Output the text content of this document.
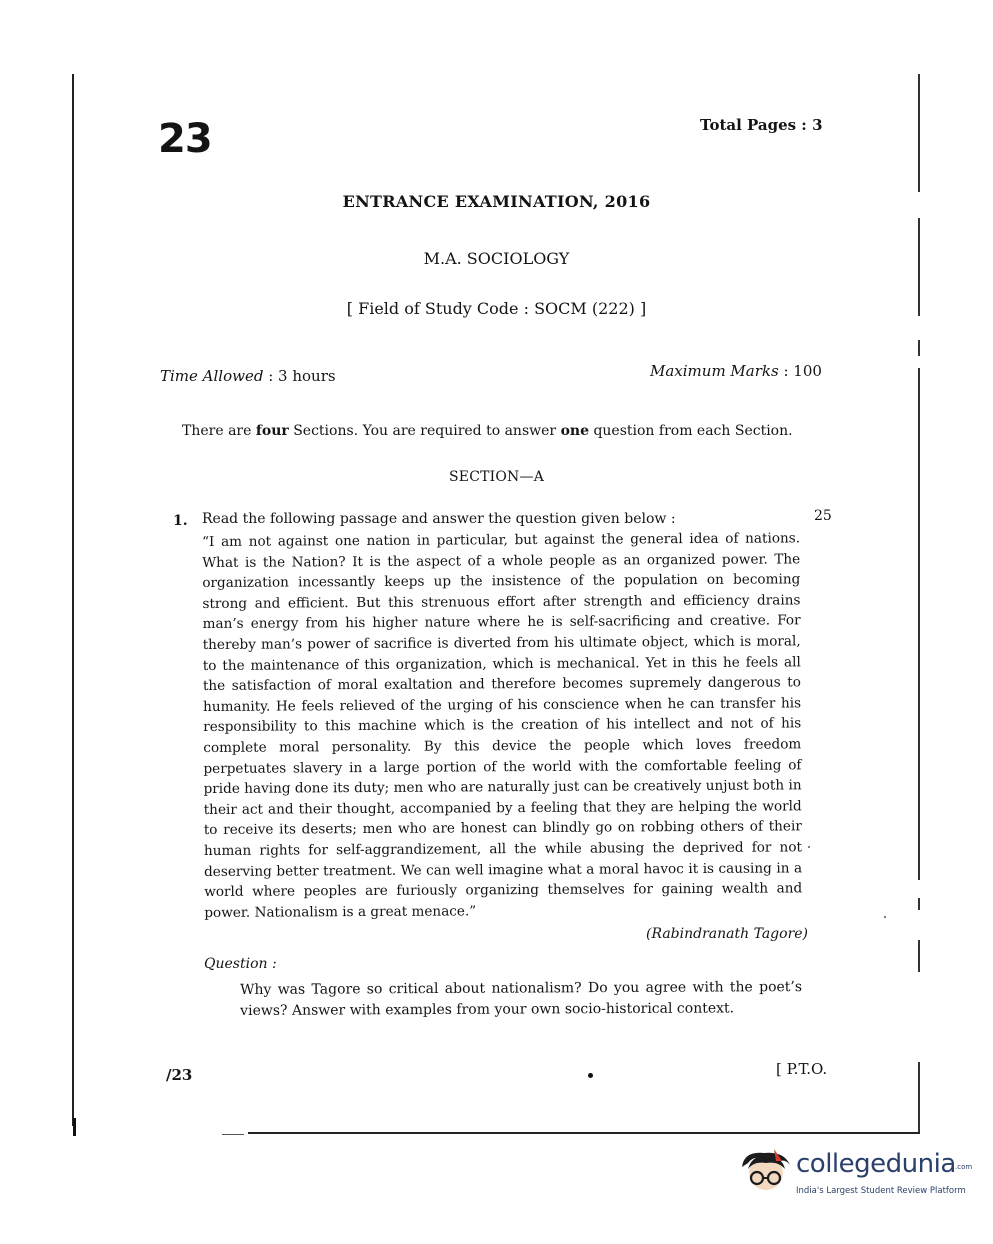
23	Total Pages : 3
ENTRANCE EXAMINATION, 2016
M.A. SOCIOLOGY
[ Field of Study Code : SOCM (222) ]
Time Allowed : 3 hours	Maximum Marks : 100
There are four Sections. You are required to answer one question from each Section.
SECTION—A
1. Read the following passage and answer the question given below :	25
“I am not against one nation in particular, but against the general idea of nations. What is the Nation? It is the aspect of a whole people as an organized power. The organization incessantly keeps up the insistence of the population on becoming strong and efficient. But this strenuous effort after strength and efficiency drains man’s energy from his higher nature where he is self-sacrificing and creative. For thereby man’s power of sacrifice is diverted from his ultimate object, which is moral, to the maintenance of this organization, which is mechanical. Yet in this he feels all the satisfaction of moral exaltation and therefore becomes supremely dangerous to humanity. He feels relieved of the urging of his conscience when he can transfer his responsibility to this machine which is the creation of his intellect and not of his complete moral personality. By this device the people which loves freedom perpetuates slavery in a large portion of the world with the comfortable feeling of pride having done its duty; men who are naturally just can be creatively unjust both in their act and their thought, accompanied by a feeling that they are helping the world to receive its deserts; men who are honest can blindly go on robbing others of their human rights for self-aggrandizement, all the while abusing the deprived for not deserving better treatment. We can well imagine what a moral havoc it is causing in a world where peoples are furiously organizing themselves for gaining wealth and power. Nationalism is a great menace.”
(Rabindranath Tagore)
Question :
Why was Tagore so critical about nationalism? Do you agree with the poet’s views? Answer with examples from your own socio-historical context.
/23	[ P.T.O.
collegedunia .com
India's Largest Student Review Platform
